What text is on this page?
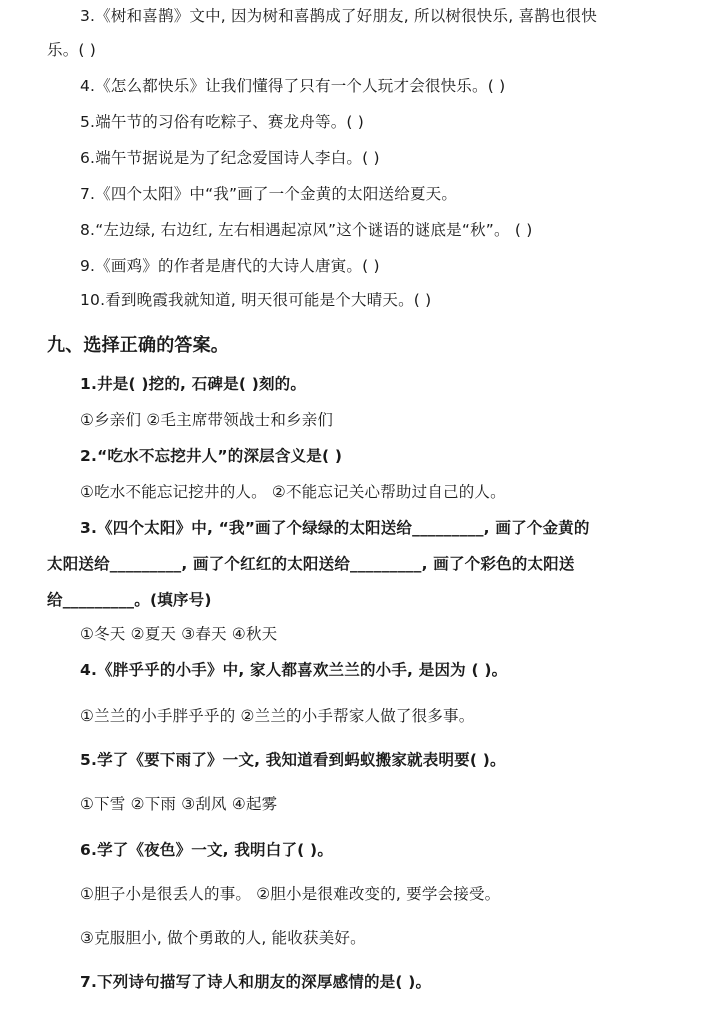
3.《树和喜鹊》文中, 因为树和喜鹊成了好朋友, 所以树很快乐, 喜鹊也很快
乐。( )
4.《怎么都快乐》让我们懂得了只有一个人玩才会很快乐。( )
5.端午节的习俗有吃粽子、赛龙舟等。( )
6.端午节据说是为了纪念爱国诗人李白。( )
7.《四个太阳》中“我”画了一个金黄的太阳送给夏天。
8.“左边绿, 右边红, 左右相遇起凉风”这个谜语的谜底是“秋”。 ( )
9.《画鸡》的作者是唐代的大诗人唐寅。( )
10.看到晚霞我就知道, 明天很可能是个大晴天。( )
九、选择正确的答案。
1.井是( )挖的, 石碑是( )刻的。
①乡亲们 ②毛主席带领战士和乡亲们
2.“吃水不忘挖井人”的深层含义是( )
①吃水不能忘记挖井的人。 ②不能忘记关心帮助过自己的人。
3.《四个太阳》中, “我”画了个绿绿的太阳送给_________, 画了个金黄的
太阳送给_________, 画了个红红的太阳送给_________, 画了个彩色的太阳送
给_________。(填序号)
①冬天 ②夏天 ③春天 ④秋天
4.《胖乎乎的小手》中, 家人都喜欢兰兰的小手, 是因为 ( )。
①兰兰的小手胖乎乎的 ②兰兰的小手帮家人做了很多事。
5.学了《要下雨了》一文, 我知道看到蚂蚁搬家就表明要( )。
①下雪 ②下雨 ③刮风 ④起雾
6.学了《夜色》一文, 我明白了( )。
①胆子小是很丢人的事。 ②胆小是很难改变的, 要学会接受。
③克服胆小, 做个勇敢的人, 能收获美好。
7.下列诗句描写了诗人和朋友的深厚感情的是( )。
